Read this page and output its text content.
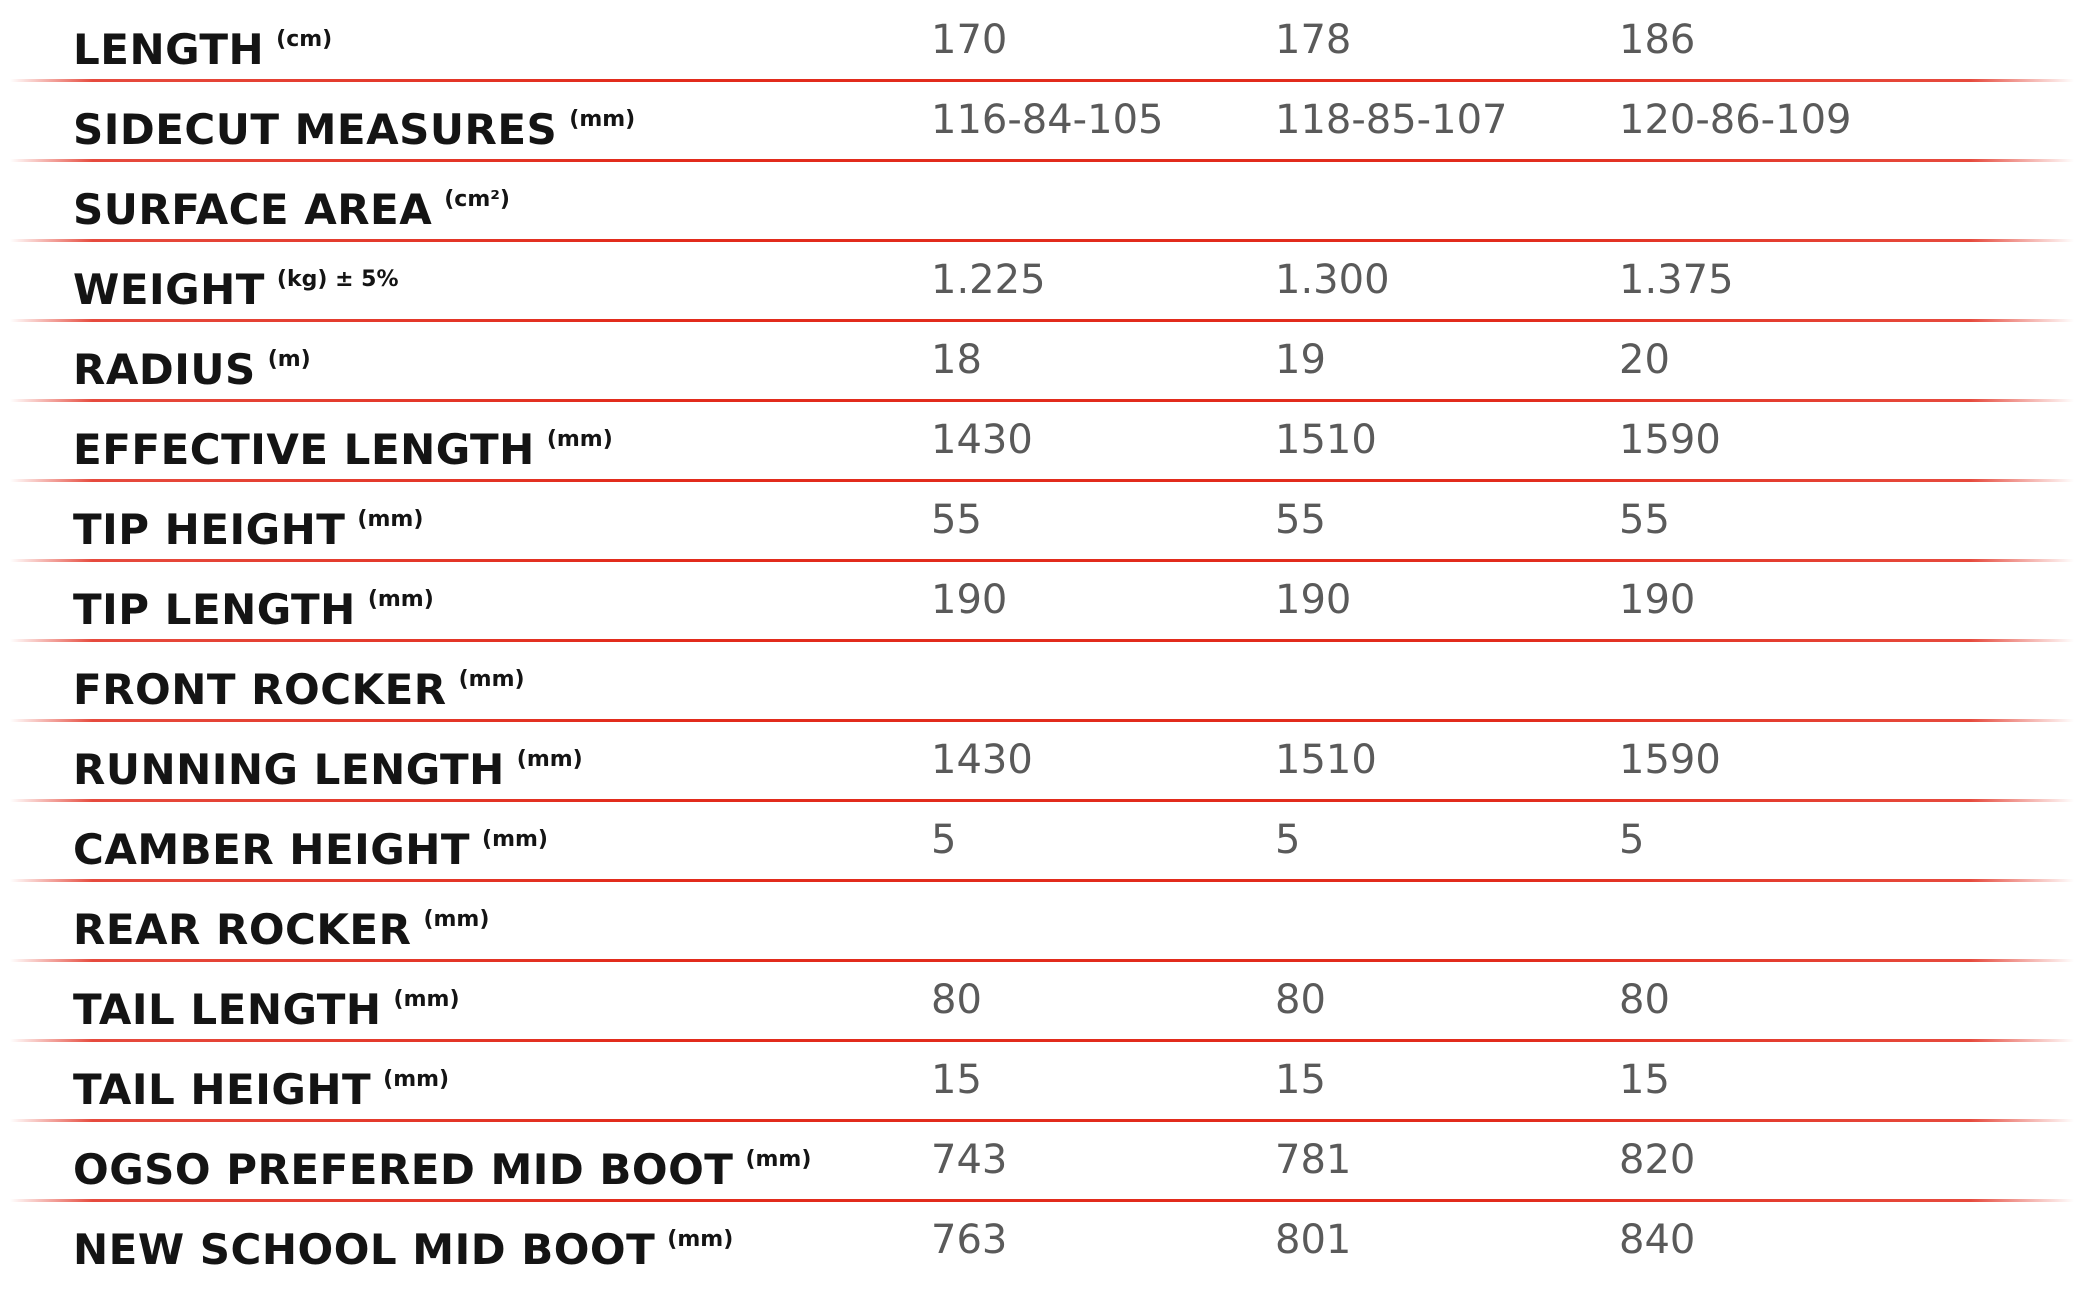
LENGTH $^{(cm)}$	170	178	186
SIDECUT MEASURES $^{(mm)}$	116-84-105	118-85-107	120-86-109
SURFACE AREA $^{(cm^2)}$
WEIGHT $^{(kg) \pm 5\%}$	1.225	1.300	1.375
RADIUS $^{(m)}$	18	19	20
EFFECTIVE LENGTH $^{(mm)}$	1430	1510	1590
TIP HEIGHT $^{(mm)}$	55	55	55
TIP LENGTH $^{(mm)}$	190	190	190
FRONT ROCKER $^{(mm)}$
RUNNING LENGTH $^{(mm)}$	1430	1510	1590
CAMBER HEIGHT $^{(mm)}$	5	5	5
REAR ROCKER $^{(mm)}$
TAIL LENGTH $^{(mm)}$	80	80	80
TAIL HEIGHT $^{(mm)}$	15	15	15
OGSO PREFERED MID BOOT $^{(mm)}$	743	781	820
NEW SCHOOL MID BOOT $^{(mm)}$	763	801	840
